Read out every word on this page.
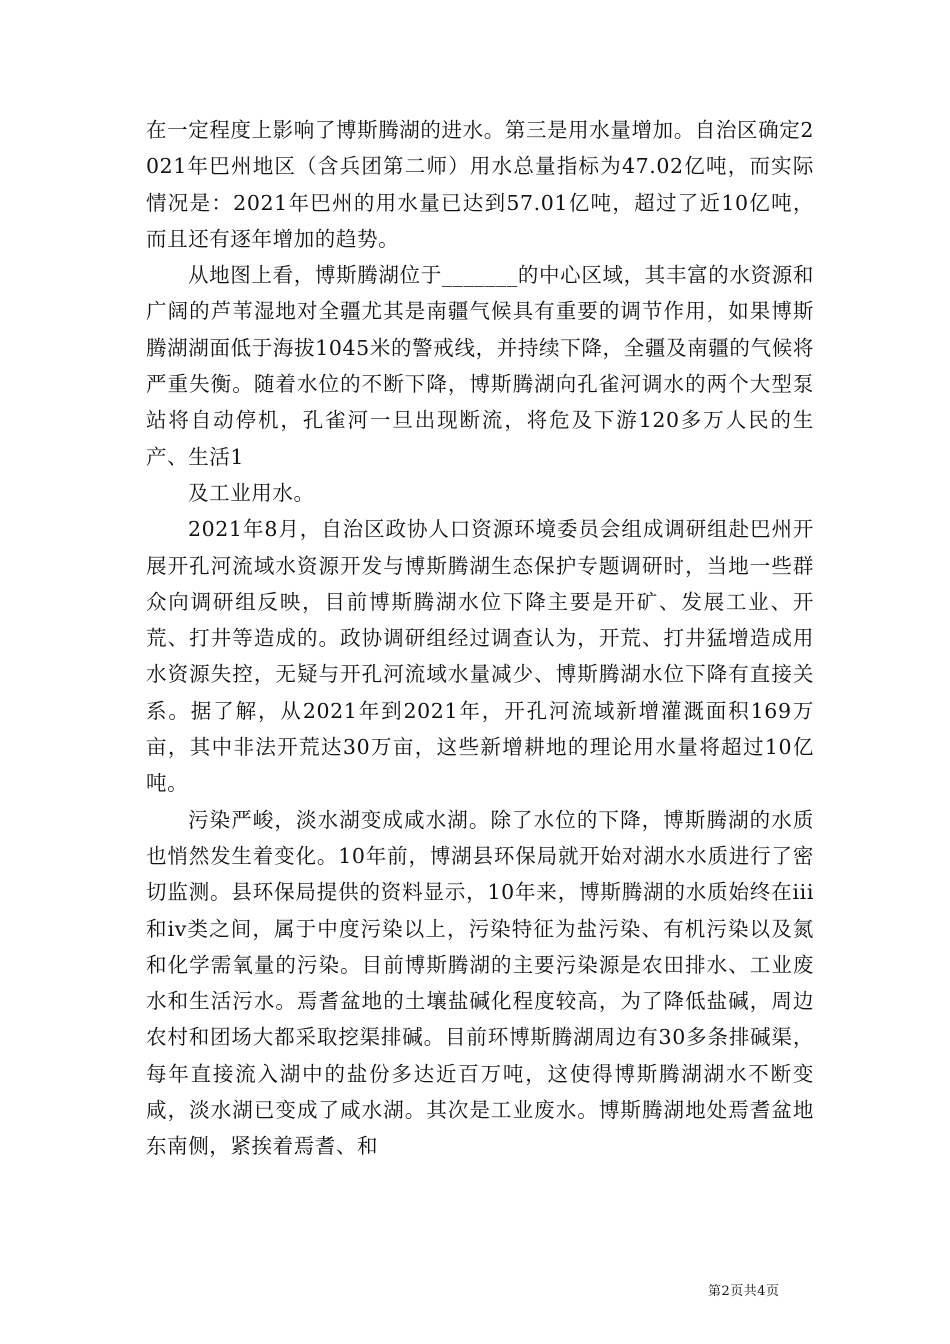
在一定程度上影响了博斯腾湖的进水。第三是用水量增加。自治区确定2021年巴州地区（含兵团第二师）用水总量指标为47.02亿吨，而实际情况是：2021年巴州的用水量已达到57.01亿吨，超过了近10亿吨，而且还有逐年增加的趋势。

从地图上看，博斯腾湖位于_______的中心区域，其丰富的水资源和广阔的芦苇湿地对全疆尤其是南疆气候具有重要的调节作用，如果博斯腾湖湖面低于海拔1045米的警戒线，并持续下降，全疆及南疆的气候将严重失衡。随着水位的不断下降，博斯腾湖向孔雀河调水的两个大型泵站将自动停机，孔雀河一旦出现断流，将危及下游120多万人民的生产、生活1

及工业用水。

2021年8月，自治区政协人口资源环境委员会组成调研组赴巴州开展开孔河流域水资源开发与博斯腾湖生态保护专题调研时，当地一些群众向调研组反映，目前博斯腾湖水位下降主要是开矿、发展工业、开荒、打井等造成的。政协调研组经过调查认为，开荒、打井猛增造成用水资源失控，无疑与开孔河流域水量减少、博斯腾湖水位下降有直接关系。据了解，从2021年到2021年，开孔河流域新增灌溉面积169万亩，其中非法开荒达30万亩，这些新增耕地的理论用水量将超过10亿吨。

污染严峻，淡水湖变成咸水湖。除了水位的下降，博斯腾湖的水质也悄然发生着变化。10年前，博湖县环保局就开始对湖水水质进行了密切监测。县环保局提供的资料显示，10年来，博斯腾湖的水质始终在iii和iv类之间，属于中度污染以上，污染特征为盐污染、有机污染以及氮和化学需氧量的污染。目前博斯腾湖的主要污染源是农田排水、工业废水和生活污水。焉耆盆地的土壤盐碱化程度较高，为了降低盐碱，周边农村和团场大都采取挖渠排碱。目前环博斯腾湖周边有30多条排碱渠，每年直接流入湖中的盐份多达近百万吨，这使得博斯腾湖湖水不断变咸，淡水湖已变成了咸水湖。其次是工业废水。博斯腾湖地处焉耆盆地东南侧，紧挨着焉耆、和

第2页共4页
